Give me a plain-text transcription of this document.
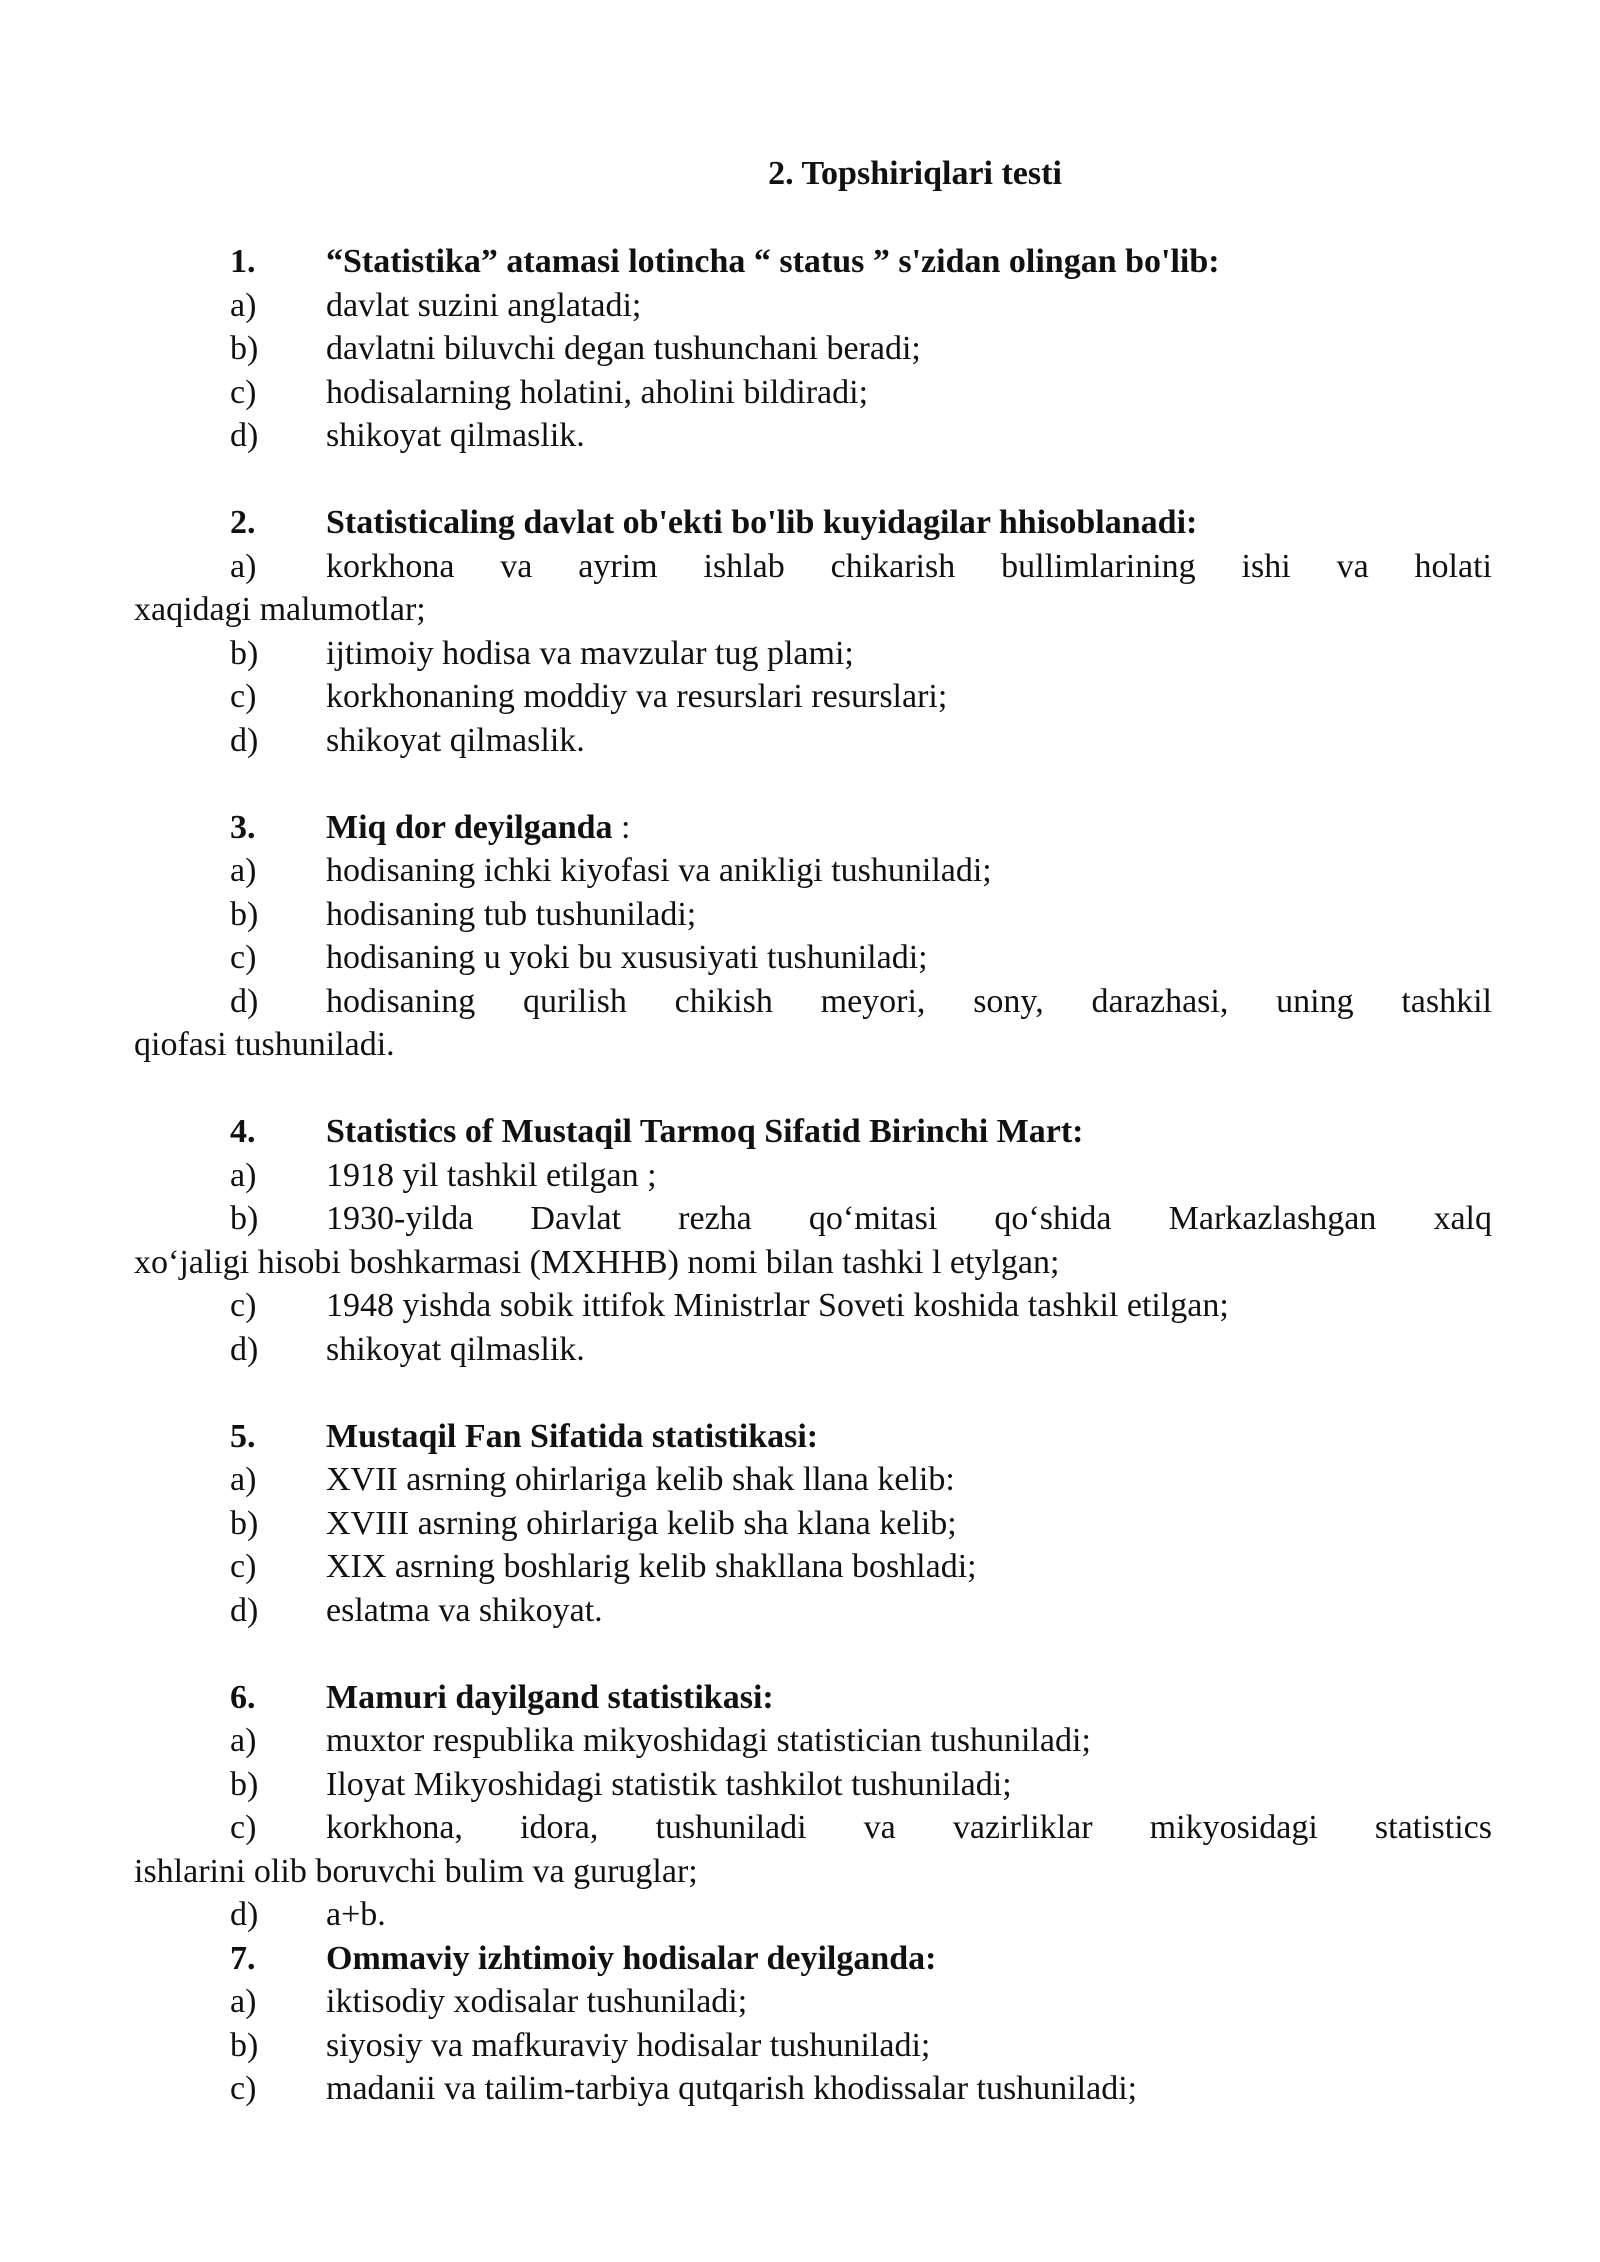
2. Topshiriqlari testi
1.	“Statistika” atamasi lotincha “ status ” s'zidan olingan bo'lib:
a)	davlat suzini anglatadi;
b)	davlatni biluvchi degan tushunchani beradi;
c)	hodisalarning holatini, aholini bildiradi;
d)	shikoyat qilmaslik.
2.	Statisticaling davlat ob'ekti bo'lib kuyidagilar hhisoblanadi:
a)	korkhona va ayrim ishlab chikarish bullimlarining ishi va holati
xaqidagi malumotlar;
b)	ijtimoiy hodisa va mavzular tug plami;
c)	korkhonaning moddiy va resurslari resurslari;
d)	shikoyat qilmaslik.
3.	Miq dor deyilganda :
a)	hodisaning ichki kiyofasi va anikligi tushuniladi;
b)	hodisaning tub tushuniladi;
c)	hodisaning u yoki bu xususiyati tushuniladi;
d)	hodisaning qurilish chikish meyori, sony, darazhasi, uning tashkil
qiofasi tushuniladi.
4.	Statistics of Mustaqil Tarmoq Sifatid Birinchi Mart:
a)	1918 yil tashkil etilgan ;
b)	1930-yilda Davlat rezha qo‘mitasi qo‘shida Markazlashgan xalq
xo‘jaligi hisobi boshkarmasi (MXHHB) nomi bilan tashki l etylgan;
c)	1948 yishda sobik ittifok Ministrlar Soveti koshida tashkil etilgan;
d)	shikoyat qilmaslik.
5.	Mustaqil Fan Sifatida statistikasi:
a)	XVII asrning ohirlariga kelib shak llana kelib:
b)	XVIII asrning ohirlariga kelib sha klana kelib;
c)	XIX asrning boshlarig kelib shakllana boshladi;
d)	eslatma va shikoyat.
6.	Mamuri dayilgand statistikasi:
a)	muxtor respublika mikyoshidagi statistician tushuniladi;
b)	Iloyat Mikyoshidagi statistik tashkilot tushuniladi;
c)	korkhona, idora, tushuniladi va vazirliklar mikyosidagi statistics
ishlarini olib boruvchi bulim va guruglar;
d)	a+b.
7.	Ommaviy izhtimoiy hodisalar deyilganda:
a)	iktisodiy xodisalar tushuniladi;
b)	siyosiy va mafkuraviy hodisalar tushuniladi;
c)	madanii va tailim-tarbiya qutqarish khodissalar tushuniladi;
